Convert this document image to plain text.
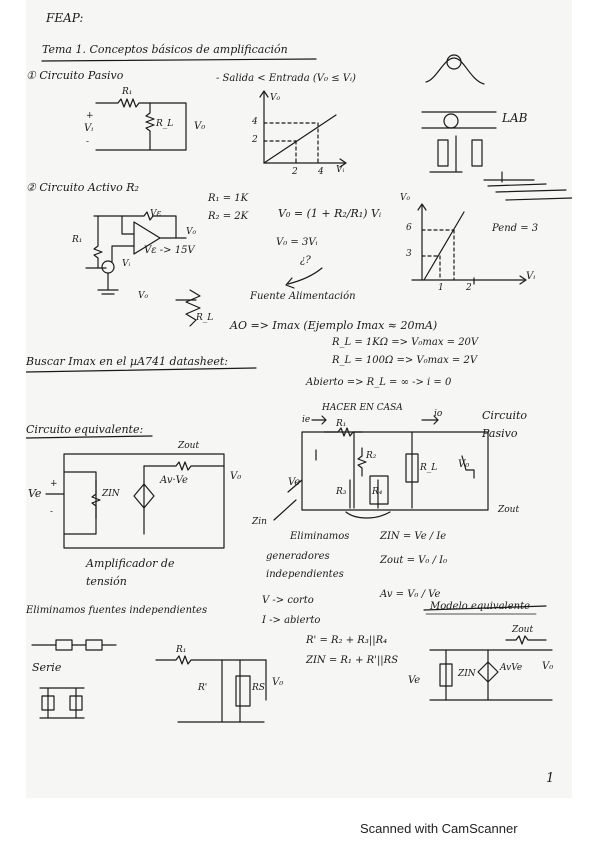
FEAP:
Tema 1. Conceptos básicos de amplificación
① Circuito Pasivo	- Salida < Entrada (V₀ ≤ Vᵢ)
R₁
R_L
Vᵢ	V₀
+
-
V₀
Vᵢ
4
2
2 4
LAB
② Circuito Activo R₂
R₁ = 1K
R₂ = 2K	V₀ = (1 + R₂/R₁) Vᵢ
V₀ = 3Vᵢ
¿?
Vε -> 15V
Fuente Alimentación
R₁
Vᵢ
Vε
V₀
V₀
R_L
V₀
Vᵢ
6
3
1 2
Pend = 3
AO => Imax (Ejemplo Imax ≈ 20mA)
R_L = 1KΩ => V₀max = 20V
R_L = 100Ω => V₀max = 2V
Abierto => R_L = ∞ -> i = 0
Buscar Imax en el µA741 datasheet:
HACER EN CASA
Circuito equivalente:
Ve	ZIN
Zout
Av·Ve	V₀
+
-
Amplificador de
tensión
Circuito
Pasivo
ie
io
R₁
R₂
R₃	R₄
R_L
Ve
V₀
Zin
Zout
Eliminamos
generadores
independientes
ZIN = Ve / Ie
Zout = V₀ / I₀
Av = V₀ / Ve
V -> corto
I -> abierto
R' = R₂ + R₃||R₄
ZIN = R₁ + R'||RS
Eliminamos fuentes independientes
Serie
Modelo equivalente
R₁
R'	RS V₀
Zout
ZIN
AvVe
Ve
V₀
1
Scanned with CamScanner
